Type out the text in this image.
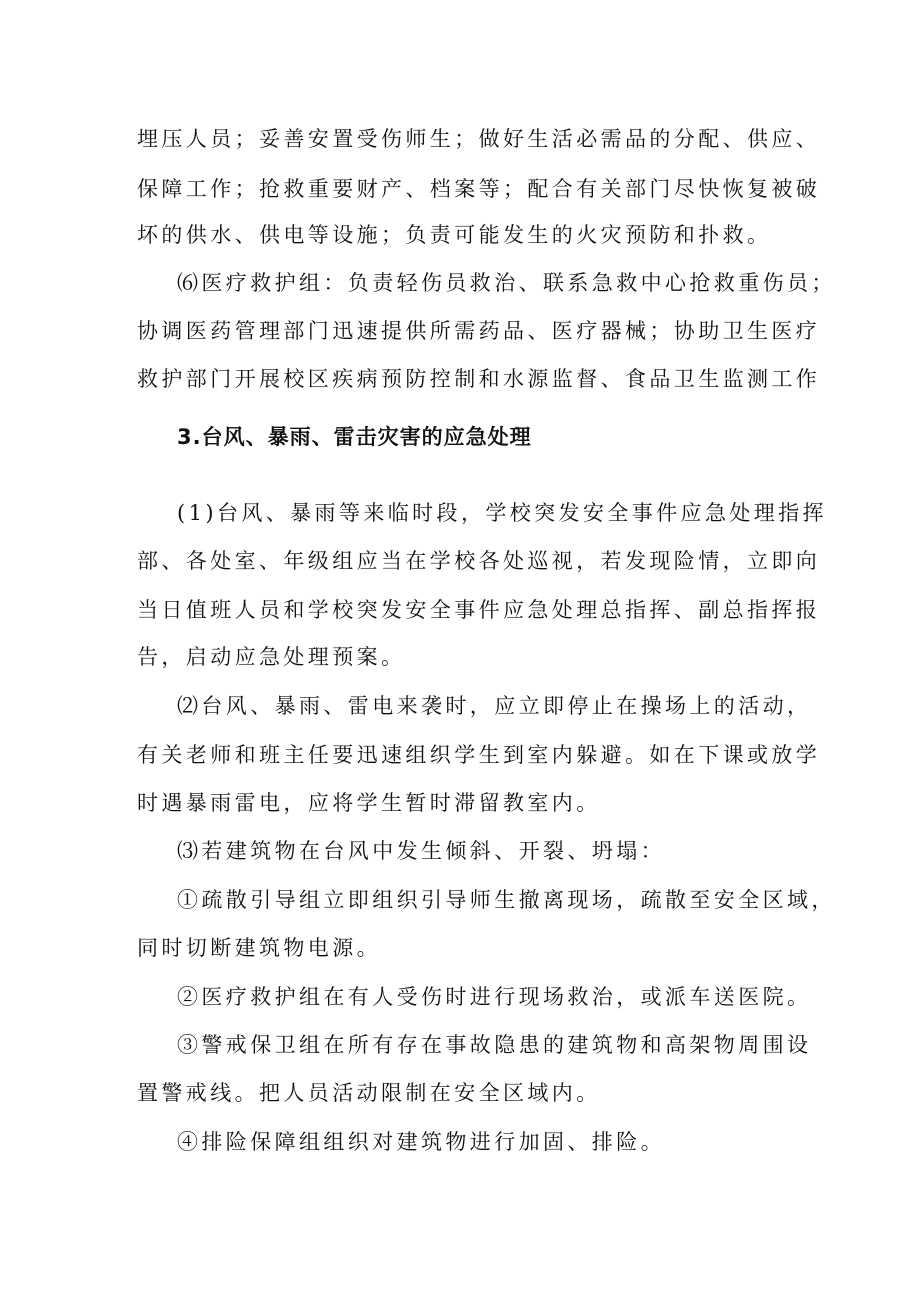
埋压人员；妥善安置受伤师生；做好生活必需品的分配、供应、
保障工作；抢救重要财产、档案等；配合有关部门尽快恢复被破
坏的供水、供电等设施；负责可能发生的火灾预防和扑救。
⑹医疗救护组：负责轻伤员救治、联系急救中心抢救重伤员；
协调医药管理部门迅速提供所需药品、医疗器械；协助卫生医疗
救护部门开展校区疾病预防控制和水源监督、食品卫生监测工作
3.台风、暴雨、雷击灾害的应急处理
(1)台风、暴雨等来临时段，学校突发安全事件应急处理指挥
部、各处室、年级组应当在学校各处巡视，若发现险情，立即向
当日值班人员和学校突发安全事件应急处理总指挥、副总指挥报
告，启动应急处理预案。
⑵台风、暴雨、雷电来袭时，应立即停止在操场上的活动，
有关老师和班主任要迅速组织学生到室内躲避。如在下课或放学
时遇暴雨雷电，应将学生暂时滞留教室内。
⑶若建筑物在台风中发生倾斜、开裂、坍塌：
①疏散引导组立即组织引导师生撤离现场，疏散至安全区域，
同时切断建筑物电源。
②医疗救护组在有人受伤时进行现场救治，或派车送医院。
③警戒保卫组在所有存在事故隐患的建筑物和高架物周围设
置警戒线。把人员活动限制在安全区域内。
④排险保障组组织对建筑物进行加固、排险。
